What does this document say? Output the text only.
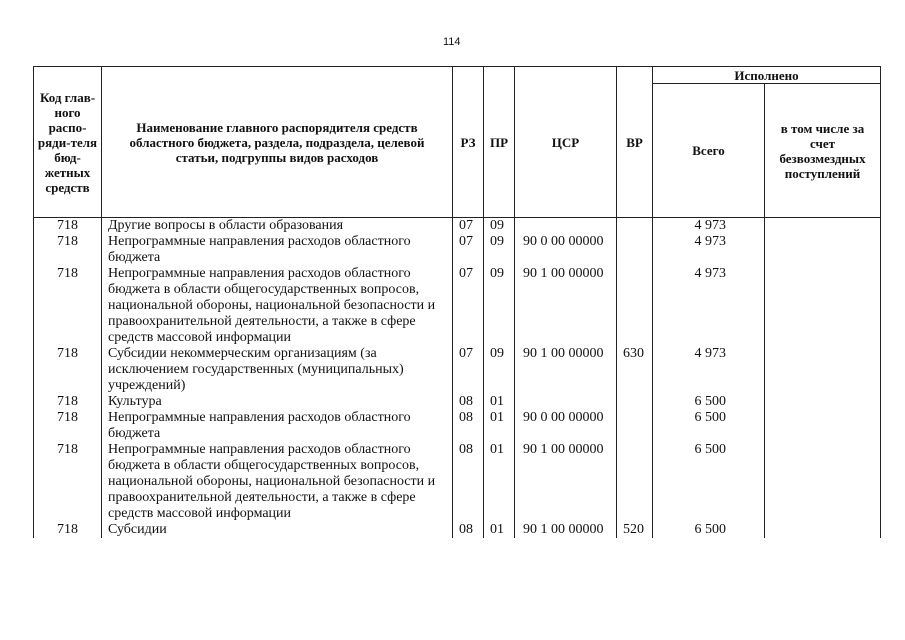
114
Код глав-ного распо-ряди-теля бюд-жетных средств	Наименование главного распорядителя средств областного бюджета, раздела, подраздела, целевой статьи, подгруппы видов расходов	РЗ	ПР	ЦСР	ВР	Исполнено	
						Всего	в том числе за счет безвозмездных поступлений
718	Другие вопросы в области образования	07	09			4 973	
718	Непрограммные направления расходов областного бюджета	07	09	90 0 00 00000		4 973	
718	Непрограммные направления расходов областного бюджета в области общегосударственных вопросов, национальной обороны, национальной безопасности и правоохранительной деятельности, а также в сфере средств массовой информации	07	09	90 1 00 00000		4 973	
718	Субсидии некоммерческим организациям (за исключением государственных (муниципальных) учреждений)	07	09	90 1 00 00000	630	4 973	
718	Культура	08	01			6 500	
718	Непрограммные направления расходов областного бюджета	08	01	90 0 00 00000		6 500	
718	Непрограммные направления расходов областного бюджета в области общегосударственных вопросов, национальной обороны, национальной безопасности и правоохранительной деятельности, а также в сфере средств массовой информации	08	01	90 1 00 00000		6 500	
718	Субсидии	08	01	90 1 00 00000	520	6 500	
